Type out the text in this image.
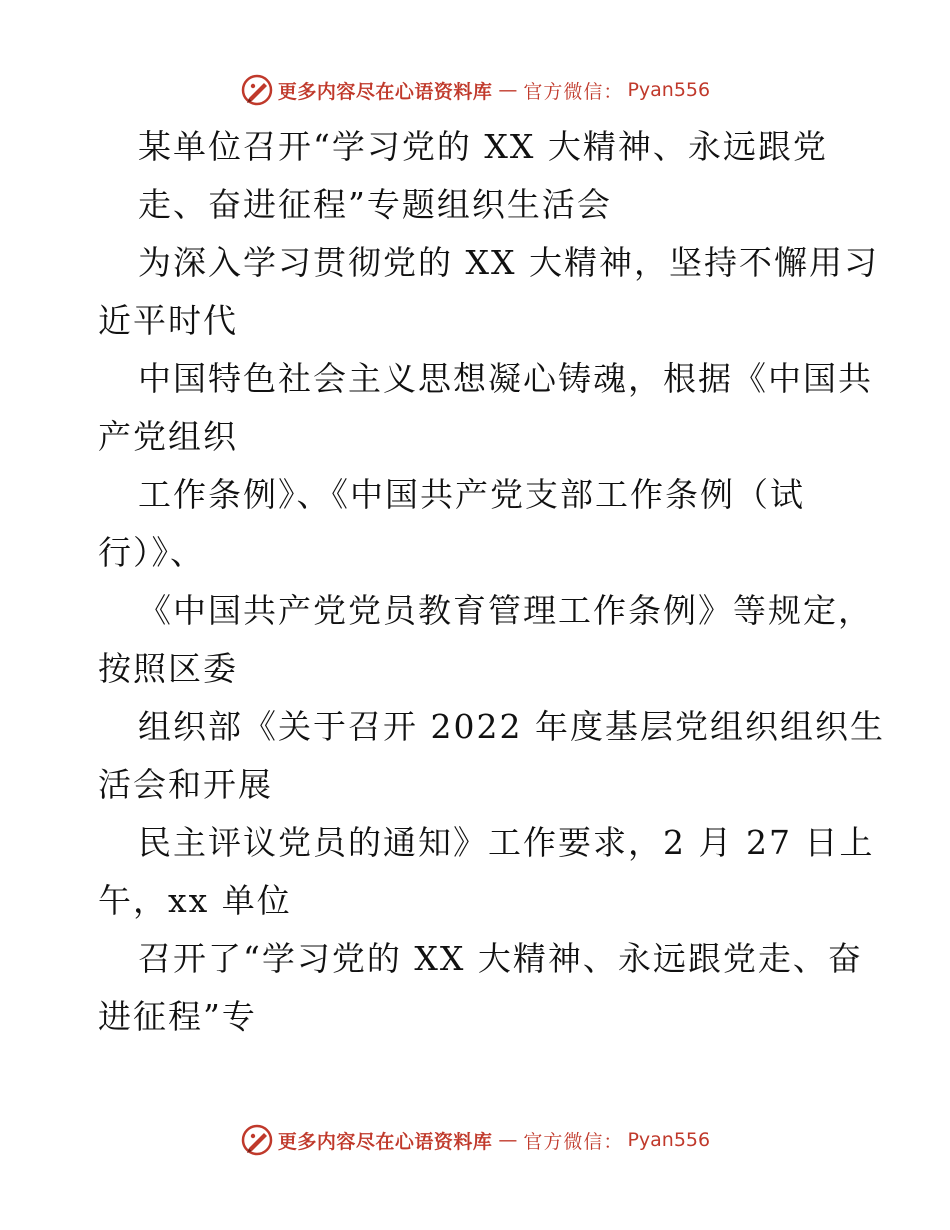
更多内容尽在心语资料库 — 官方微信： Pyan556
某单位召开“学习党的 XX 大精神、永远跟党
走、奋进征程”专题组织生活会
为深入学习贯彻党的 XX 大精神，坚持不懈用习
近平时代
中国特色社会主义思想凝心铸魂，根据《中国共
产党组织
工作条例》、《中国共产党支部工作条例（试
行）》、
《中国共产党党员教育管理工作条例》等规定，
按照区委
组织部《关于召开 2022 年度基层党组织组织生
活会和开展
民主评议党员的通知》工作要求，2 月 27 日上
午，xx 单位
召开了“学习党的 XX 大精神、永远跟党走、奋
进征程”专
更多内容尽在心语资料库 — 官方微信： Pyan556
